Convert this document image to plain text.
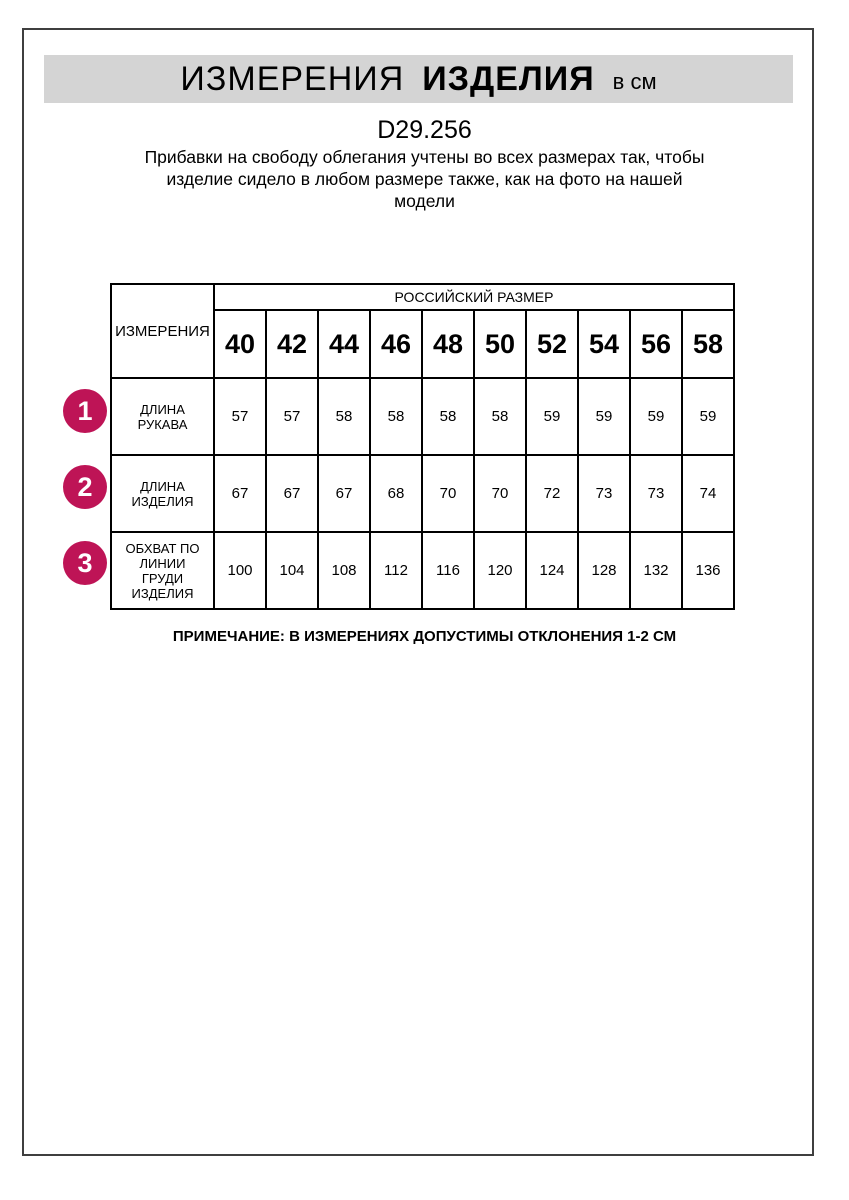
ИЗМЕРЕНИЯ ИЗДЕЛИЯ в см
D29.256
Прибавки на свободу облегания учтены во всех размерах так, чтобы
изделие сидело в любом размере также, как на фото на нашей
модели
1
2
3
ИЗМЕРЕНИЯ	РОССИЙСКИЙ РАЗМЕР									
	40	42	44	46	48	50	52	54	56	58
ДЛИНА РУКАВА	57	57	58	58	58	58	59	59	59	59
ДЛИНА ИЗДЕЛИЯ	67	67	67	68	70	70	72	73	73	74
ОБХВАТ ПО ЛИНИИ ГРУДИ ИЗДЕЛИЯ	100	104	108	112	116	120	124	128	132	136
ПРИМЕЧАНИЕ: В ИЗМЕРЕНИЯХ ДОПУСТИМЫ ОТКЛОНЕНИЯ 1-2 СМ
